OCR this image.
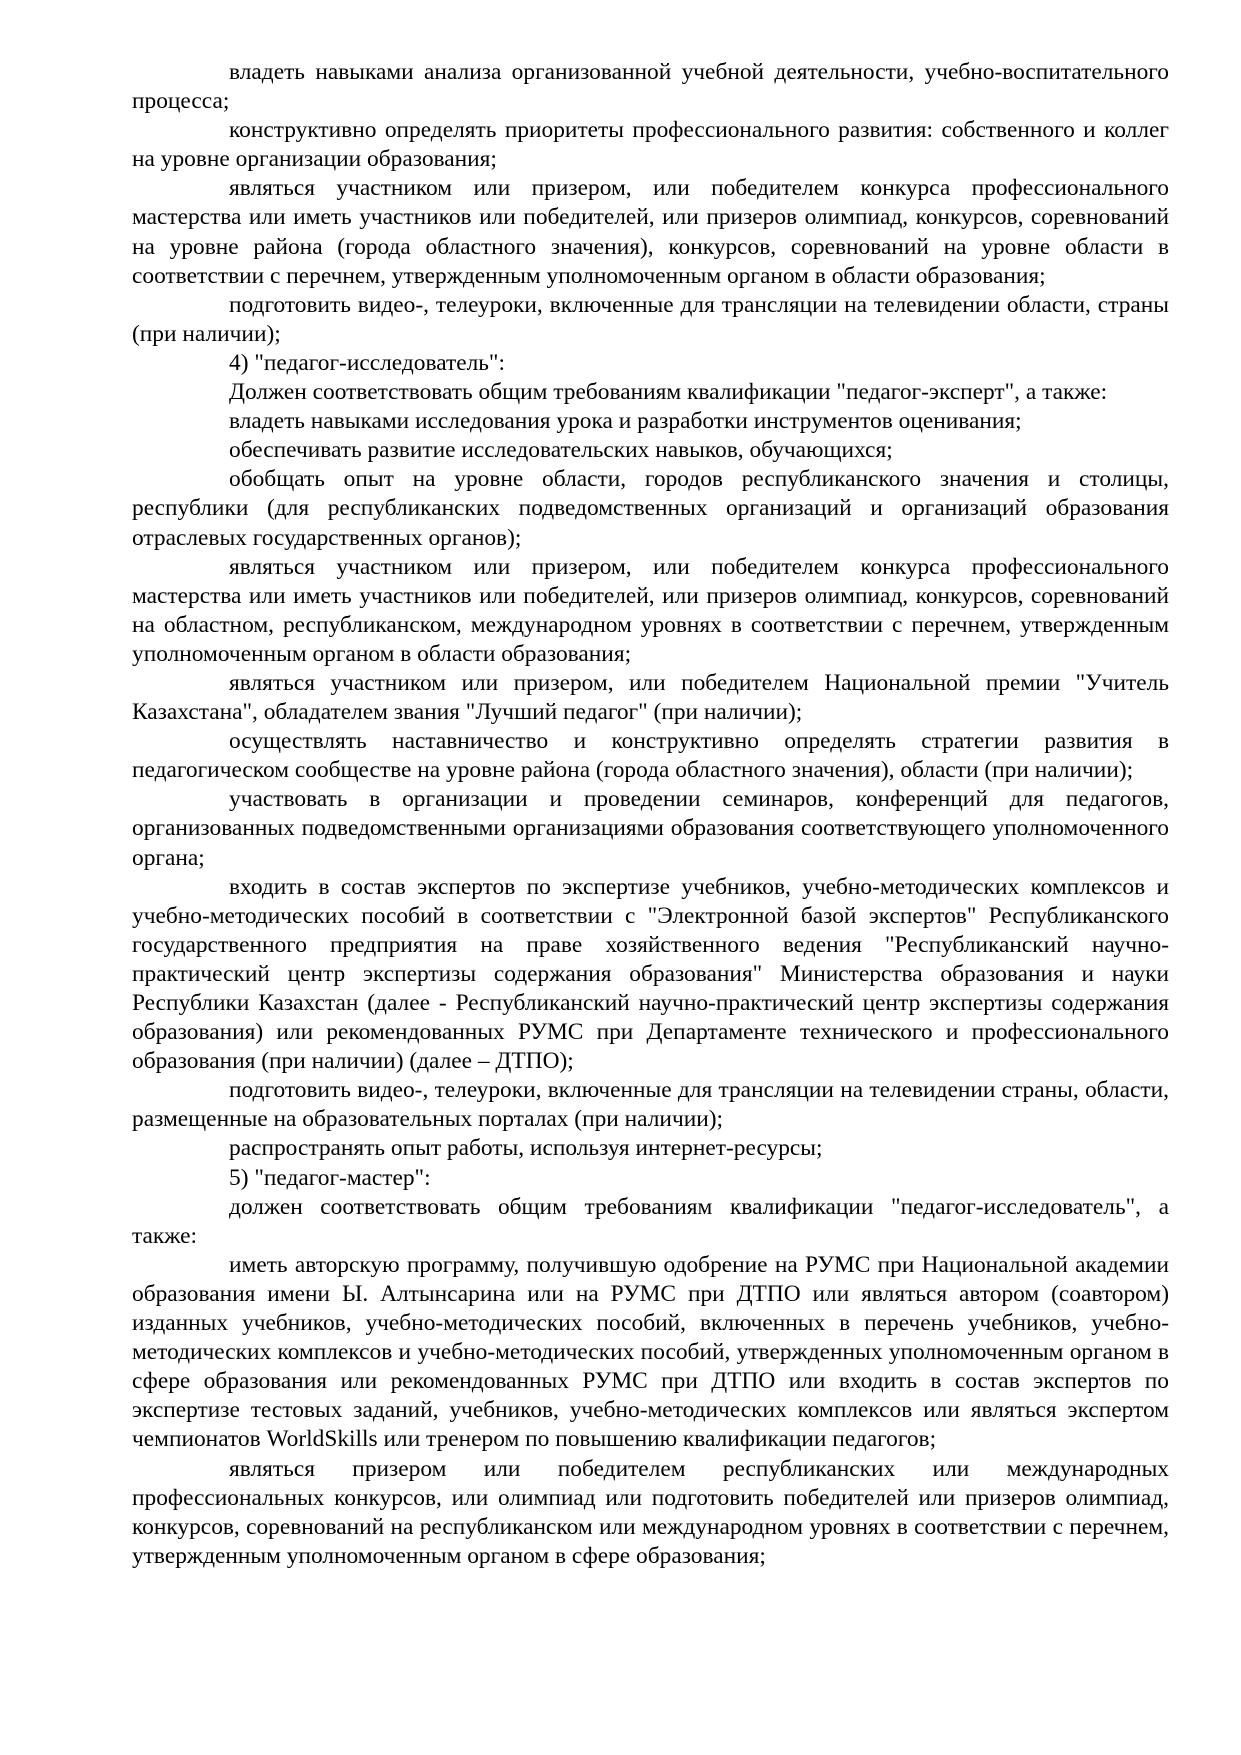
владеть навыками анализа организованной учебной деятельности, учебно-воспитательного процесса;

конструктивно определять приоритеты профессионального развития: собственного и коллег на уровне организации образования;

являться участником или призером, или победителем конкурса профессионального мастерства или иметь участников или победителей, или призеров олимпиад, конкурсов, соревнований на уровне района (города областного значения), конкурсов, соревнований на уровне области в соответствии с перечнем, утвержденным уполномоченным органом в области образования;

подготовить видео-, телеуроки, включенные для трансляции на телевидении области, страны (при наличии);

4) "педагог-исследователь":

Должен соответствовать общим требованиям квалификации "педагог-эксперт", а также:

владеть навыками исследования урока и разработки инструментов оценивания;

обеспечивать развитие исследовательских навыков, обучающихся;

обобщать опыт на уровне области, городов республиканского значения и столицы, республики (для республиканских подведомственных организаций и организаций образования отраслевых государственных органов);

являться участником или призером, или победителем конкурса профессионального мастерства или иметь участников или победителей, или призеров олимпиад, конкурсов, соревнований на областном, республиканском, международном уровнях в соответствии с перечнем, утвержденным уполномоченным органом в области образования;

являться участником или призером, или победителем Национальной премии "Учитель Казахстана", обладателем звания "Лучший педагог" (при наличии);

осуществлять наставничество и конструктивно определять стратегии развития в педагогическом сообществе на уровне района (города областного значения), области (при наличии);

участвовать в организации и проведении семинаров, конференций для педагогов, организованных подведомственными организациями образования соответствующего уполномоченного органа;

входить в состав экспертов по экспертизе учебников, учебно-методических комплексов и учебно-методических пособий в соответствии с "Электронной базой экспертов" Республиканского государственного предприятия на праве хозяйственного ведения "Республиканский научно-практический центр экспертизы содержания образования" Министерства образования и науки Республики Казахстан (далее - Республиканский научно-практический центр экспертизы содержания образования) или рекомендованных РУМС при Департаменте технического и профессионального образования (при наличии) (далее – ДТПО);

подготовить видео-, телеуроки, включенные для трансляции на телевидении страны, области, размещенные на образовательных порталах (при наличии);

распространять опыт работы, используя интернет-ресурсы;

5) "педагог-мастер":

должен соответствовать общим требованиям квалификации "педагог-исследователь", а также:

иметь авторскую программу, получившую одобрение на РУМС при Национальной академии образования имени Ы. Алтынсарина или на РУМС при ДТПО или являться автором (соавтором) изданных учебников, учебно-методических пособий, включенных в перечень учебников, учебно-методических комплексов и учебно-методических пособий, утвержденных уполномоченным органом в сфере образования или рекомендованных РУМС при ДТПО или входить в состав экспертов по экспертизе тестовых заданий, учебников, учебно-методических комплексов или являться экспертом чемпионатов WorldSkills или тренером по повышению квалификации педагогов;

являться призером или победителем республиканских или международных профессиональных конкурсов, или олимпиад или подготовить победителей или призеров олимпиад, конкурсов, соревнований на республиканском или международном уровнях в соответствии с перечнем, утвержденным уполномоченным органом в сфере образования;
